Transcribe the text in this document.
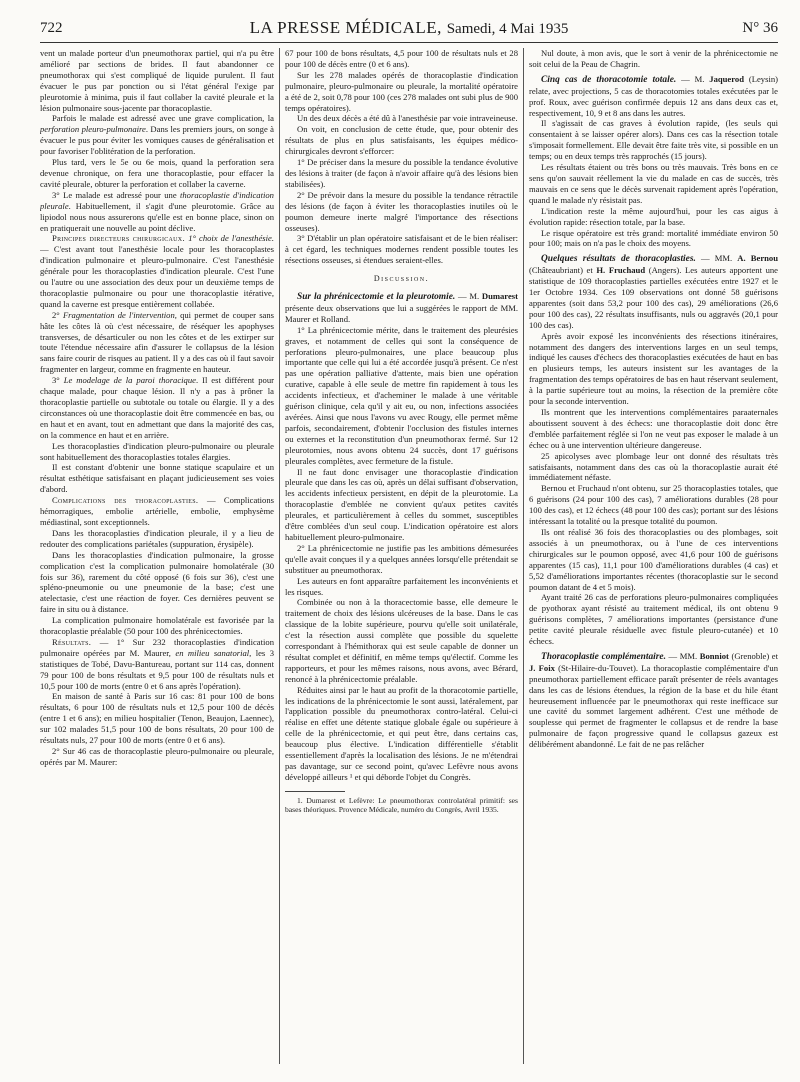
722	LA PRESSE MÉDICALE, Samedi, 4 Mai 1935	N° 36

vent un malade porteur d'un pneumothorax partiel, qui n'a pu être amélioré par sections de brides. Il faut abandonner ce pneumothorax qui s'est compliqué de liquide purulent. Il faut évacuer le pus par ponction ou si l'état général l'exige par pleurotomie à minima, puis il faut collaber la cavité pleurale et la lésion pulmonaire sous-jacente par thoracoplastie.

Parfois le malade est adressé avec une grave complication, la perforation pleuro-pulmonaire. Dans les premiers jours, on songe à évacuer le pus pour éviter les vomiques causes de généralisation et pour favoriser l'oblitération de la perforation.

Plus tard, vers le 5e ou 6e mois, quand la perforation sera devenue chronique, on fera une thoracoplastie, pour effacer la cavité pleurale, obturer la perforation et collaber la caverne.

3° Le malade est adressé pour une thoracoplastie d'indication pleurale. Habituellement, il s'agit d'une pleurotomie. Grâce au lipiodol nous nous assurerons qu'elle est en bonne place, sinon on en pratiquerait une nouvelle au point déclive.

Principes directeurs chirurgicaux. 1° choix de l'anesthésie. — C'est avant tout l'anesthésie locale pour les thoracoplastes d'indication pulmonaire et pleuro-pulmonaire. C'est l'anesthésie générale pour les thoracoplasties d'indication pleurale. C'est l'une ou l'autre ou une association des deux pour un deuxième temps de thoracoplastie pulmonaire ou pour une thoracoplastie itérative, quand la caverne est presque entièrement collabée.

2° Fragmentation de l'intervention, qui permet de couper sans hâte les côtes là où c'est nécessaire, de réséquer les apophyses transverses, de désarticuler ou non les côtes et de les extirper sur toute l'étendue nécessaire afin d'assurer le collapsus de la lésion sans faire courir de risques au patient. Il y a des cas où il faut savoir fragmenter en largeur, comme en fragmente en hauteur.

3° Le modelage de la paroi thoracique. Il est différent pour chaque malade, pour chaque lésion. Il n'y a pas à prôner la thoracoplastie partielle ou subtotale ou totale ou élargie. Il y a des circonstances où une thoracoplastie doit être commencée en bas, ou en haut et en avant, tout en admettant que dans la majorité des cas, on la commence en haut et en arrière.

Les thoracoplasties d'indication pleuro-pulmonaire ou pleurale sont habituellement des thoracoplasties totales élargies.

Il est constant d'obtenir une bonne statique scapulaire et un résultat esthétique satisfaisant en plaçant judicieusement ses voies d'abord.

Complications des thoracoplasties. — Complications hémorragiques, embolie artérielle, embolie, emphysème médiastinal, sont exceptionnels.

Dans les thoracoplasties d'indication pleurale, il y a lieu de redouter des complications pariétales (suppuration, érysipèle).

Dans les thoracoplasties d'indication pulmonaire, la grosse complication c'est la complication pulmonaire homolatérale (30 fois sur 36), rarement du côté opposé (6 fois sur 36), c'est une spléno-pneumonie ou une pneumonie de la base; c'est une atelectasie, c'est une réaction de foyer. Ces dernières peuvent se faire in situ ou à distance.

La complication pulmonaire homolatérale est favorisée par la thoracoplastie préalable (50 pour 100 des phrénicectomies.

Résultats. — 1° Sur 232 thoracoplasties d'indication pulmonaire opérées par M. Maurer, en milieu sanatorial, les 3 statistiques de Tobé, Davu-Bantureau, portant sur 114 cas, donnent 79 pour 100 de bons résultats et 9,5 pour 100 de résultats nuls et 10,5 pour 100 de morts (entre 0 et 6 ans après l'opération).

En maison de santé à Paris sur 16 cas: 81 pour 100 de bons résultats, 6 pour 100 de résultats nuls et 12,5 pour 100 de décès (entre 1 et 6 ans); en milieu hospitalier (Tenon, Beaujon, Laennec), sur 102 malades 51,5 pour 100 de bons résultats, 20 pour 100 de résultats nuls, 27 pour 100 de morts (entre 0 et 6 ans).

2° Sur 46 cas de thoracoplastie pleuro-pulmonaire ou pleurale, opérés par M. Maurer:

67 pour 100 de bons résultats, 4,5 pour 100 de résultats nuls et 28 pour 100 de décès entre (0 et 6 ans).

Sur les 278 malades opérés de thoracoplastie d'indication pulmonaire, pleuro-pulmonaire ou pleurale, la mortalité opératoire a été de 2, soit 0,78 pour 100 (ces 278 malades ont subi plus de 900 temps opératoires).

Un des deux décès a été dû à l'anesthésie par voie intraveineuse.

On voit, en conclusion de cette étude, que, pour obtenir des résultats de plus en plus satisfaisants, les équipes médico-chirurgicales devront s'efforcer:

1° De préciser dans la mesure du possible la tendance évolutive des lésions à traiter (de façon à n'avoir affaire qu'à des lésions bien stabilisées).

2° De prévoir dans la mesure du possible la tendance rétractile des lésions (de façon à éviter les thoracoplasties inutiles où le poumon demeure inerte malgré l'importance des résections osseuses).

3° D'établir un plan opératoire satisfaisant et de le bien réaliser: à cet égard, les techniques modernes rendent possible toutes les résections osseuses, si étendues seraient-elles.

Discussion.

Sur la phrénicectomie et la pleurotomie. — M. Dumarest présente deux observations que lui a suggérées le rapport de MM. Maurer et Rolland.

1° La phrénicectomie mérite, dans le traitement des pleurésies graves, et notamment de celles qui sont la conséquence de perforations pleuro-pulmonaires, une place beaucoup plus importante que celle qui lui a été accordée jusqu'à présent. Ce n'est pas une opération palliative d'attente, mais bien une opération curative, capable à elle seule de mettre fin rapidement à tous les accidents infectieux, et d'acheminer le malade à une véritable guérison clinique, cela qu'il y ait eu, ou non, infections associées avérées. Ainsi que nous l'avons vu avec Rougy, elle permet même parfois, secondairement, d'obtenir l'occlusion des fistules internes ou externes et la reconstitution d'un pneumothorax fermé. Sur 12 pleurotomies, nous avons obtenu 24 succès, dont 17 guérisons pleurales complètes, avec fermeture de la fistule.

Il ne faut donc envisager une thoracoplastie d'indication pleurale que dans les cas où, après un délai suffisant d'observation, les accidents infectieux persistent, en dépit de la pleurotomie. La thoracoplastie d'emblée ne convient qu'aux petites cavités pleurales, et particulièrement à celles du sommet, susceptibles d'être comblées d'un seul coup. L'indication opératoire est alors habituellement pleuro-pulmonaire.

2° La phrénicectomie ne justifie pas les ambitions démesurées qu'elle avait conçues il y a quelques années lorsqu'elle prétendait se substituer au pneumothorax.

Les auteurs en font apparaître parfaitement les inconvénients et les risques.

Combinée ou non à la thoracectomie basse, elle demeure le traitement de choix des lésions ulcéreuses de la base. Dans le cas classique de la lobite supérieure, pourvu qu'elle soit unilatérale, c'est la résection aussi complète que possible du squelette correspondant à l'hémithorax qui est seule capable de donner un résultat complet et définitif, en même temps qu'électif. Comme les rapporteurs, et pour les mêmes raisons, nous avons, avec Bérard, renoncé à la phrénicectomie préalable.

Réduites ainsi par le haut au profit de la thoracotomie partielle, les indications de la phrénicectomie le sont aussi, latéralement, par l'application possible du pneumothorax contro-latéral. Celui-ci réalise en effet une détente statique globale égale ou supérieure à celle de la phrénicectomie, et qui peut être, dans certains cas, beaucoup plus élective. L'indication différentielle s'établit essentiellement d'après la localisation des lésions. Je ne m'étendrai pas davantage, sur ce second point, qu'avec Lefèvre nous avons développé ailleurs ¹ et qui déborde l'objet du Congrès.

1. Dumarest et Lefèvre: Le pneumothorax controlatéral primitif: ses bases théoriques. Provence Médicale, numéro du Congrès, Avril 1935.

Nul doute, à mon avis, que le sort à venir de la phrénicectomie ne soit celui de la Peau de Chagrin.

Cinq cas de thoracotomie totale. — M. Jaquerod (Leysin) relate, avec projections, 5 cas de thoracotomies totales exécutées par le prof. Roux, avec guérison confirmée depuis 12 ans dans deux cas et, respectivement, 10, 9 et 8 ans dans les autres.

Il s'agissait de cas graves à évolution rapide, (les seuls qui consentaient à se laisser opérer alors). Dans ces cas la résection totale s'imposait formellement. Elle devait être faite très vite, si possible en un temps; ou en deux temps très rapprochés (15 jours).

Les résultats étaient ou très bons ou très mauvais. Très bons en ce sens qu'on sauvait réellement la vie du malade en cas de succès, très mauvais en ce sens que le décès survenait rapidement après l'opération, quand le malade n'y résistait pas.

L'indication reste la même aujourd'hui, pour les cas aigus à évolution rapide: résection totale, par la base.

Le risque opératoire est très grand: mortalité immédiate environ 50 pour 100; mais on n'a pas le choix des moyens.

Quelques résultats de thoracoplasties. — MM. A. Bernou (Châteaubriant) et H. Fruchaud (Angers). Les auteurs apportent une statistique de 109 thoracoplasties partielles exécutées entre 1927 et le 1er Octobre 1934. Ces 109 observations ont donné 58 guérisons apparentes (soit dans 53,2 pour 100 des cas), 29 améliorations (26,6 pour 100 des cas), 22 résultats insuffisants, nuls ou aggravés (20,1 pour 100 des cas).

Après avoir exposé les inconvénients des résections itinéraires, notamment des dangers des interventions larges en un seul temps, indiqué les causes d'échecs des thoracoplasties exécutées de haut en bas en plusieurs temps, les auteurs insistent sur les avantages de la fragmentation des temps opératoires de bas en haut réservant seulement, à la partie supérieure tout au moins, la résection de la première côte pour la seconde intervention.

Ils montrent que les interventions complémentaires paraaternales aboutissent souvent à des échecs: une thoracoplastie doit donc être d'emblée parfaitement réglée si l'on ne veut pas exposer le malade à un échec ou à une intervention ultérieure dangereuse.

25 apicolyses avec plombage leur ont donné des résultats très satisfaisants, notamment dans des cas où la thoracoplastie aurait été immédiatement néfaste.

Bernou et Fruchaud n'ont obtenu, sur 25 thoracoplasties totales, que 6 guérisons (24 pour 100 des cas), 7 améliorations durables (28 pour 100 des cas), et 12 échecs (48 pour 100 des cas); portant sur des lésions intéressant la totalité ou la presque totalité du poumon.

Ils ont réalisé 36 fois des thoracoplasties ou des plombages, soit associés à un pneumothorax, ou à l'une de ces interventions chirurgicales sur le poumon opposé, avec 41,6 pour 100 de guérisons apparentes (15 cas), 11,1 pour 100 d'améliorations durables (4 cas) et 5,52 d'améliorations importantes récentes (thoracoplastie sur le second poumon datant de 4 et 5 mois).

Ayant traité 26 cas de perforations pleuro-pulmonaires compliquées de pyothorax ayant résisté au traitement médical, ils ont obtenu 9 guérisons complètes, 7 améliorations importantes (persistance d'une petite cavité pleurale résiduelle avec fistule pleuro-cutanée) et 10 échecs.

Thoracoplastie complémentaire. — MM. Bonniot (Grenoble) et J. Foix (St-Hilaire-du-Touvet). La thoracoplastie complémentaire d'un pneumothorax partiellement efficace paraît présenter de réels avantages dans les cas de lésions étendues, la région de la base et du hile étant heureusement influencée par le pneumothorax qui reste inefficace sur une cavité du sommet largement adhérent. C'est une méthode de souplesse qui permet de fragmenter le collapsus et de rendre la base pulmonaire de façon progressive quand le collapsus gazeux est délibérément abandonné. Le fait de ne pas relâcher
